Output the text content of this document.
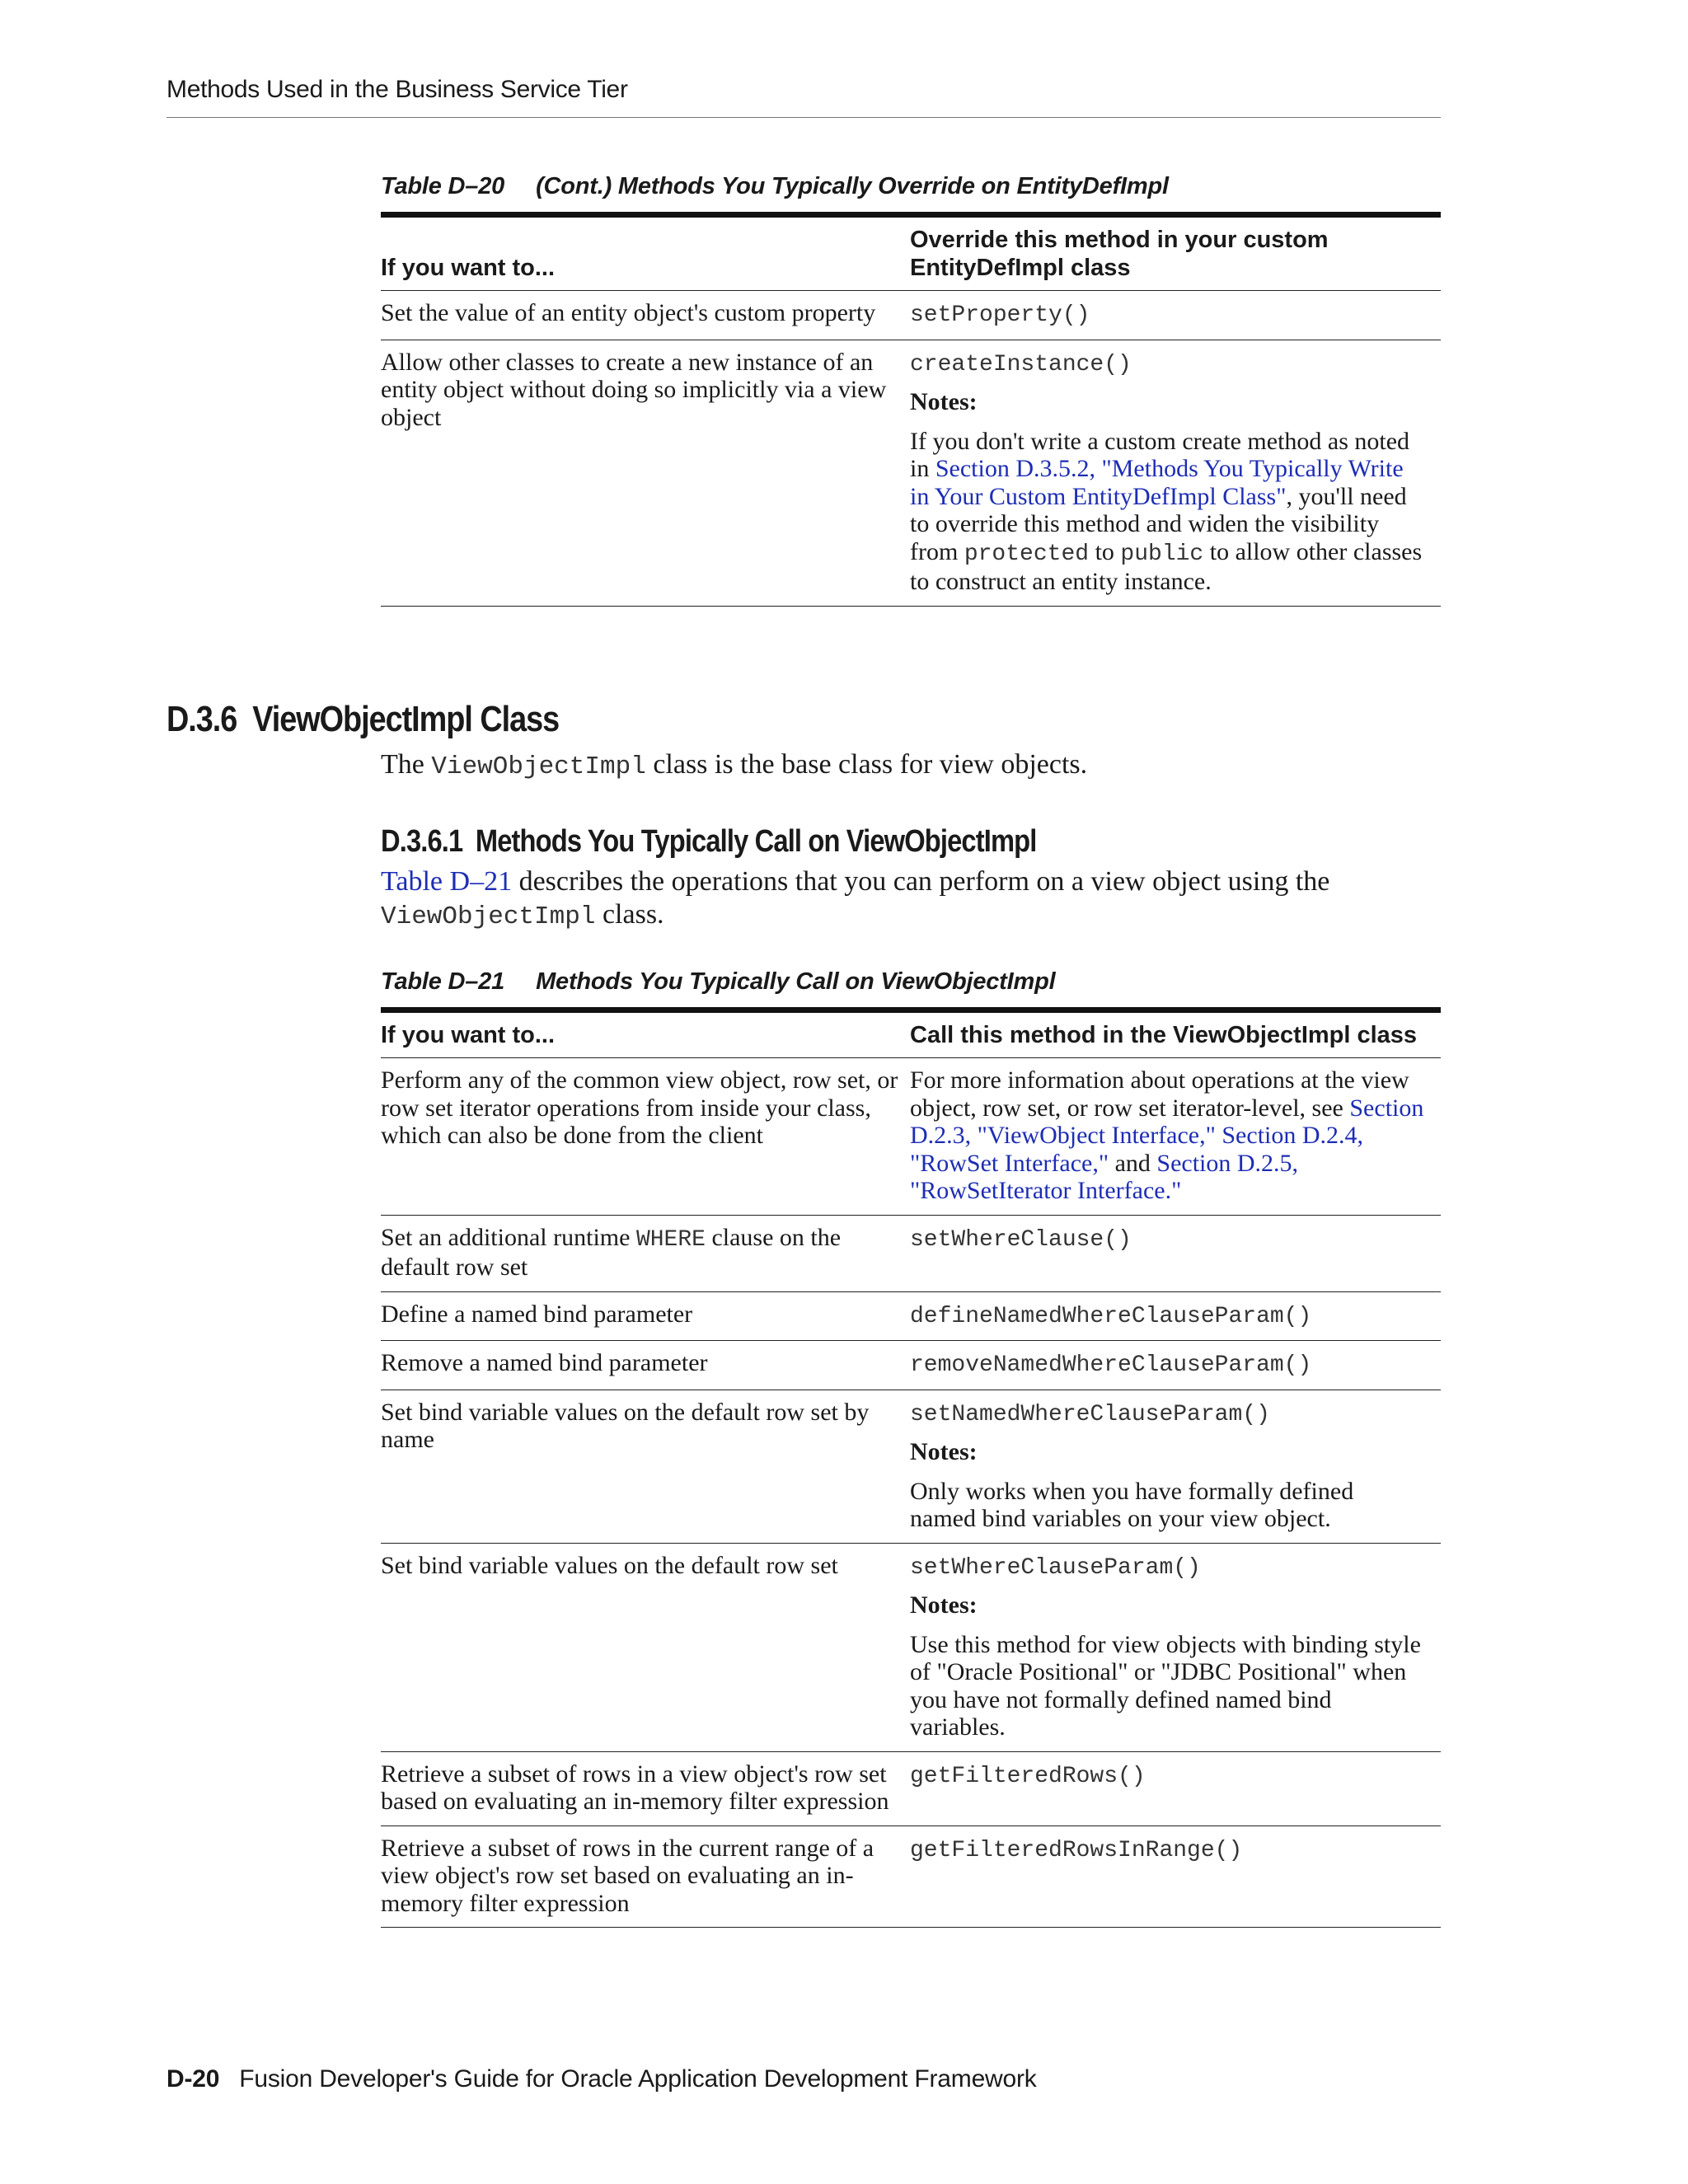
Methods Used in the Business Service Tier
Table D–20 (Cont.) Methods You Typically Override on EntityDefImpl
If you want to...	Override this method in your custom EntityDefImpl class
Set the value of an entity object's custom property	setProperty()
Allow other classes to create a new instance of an entity object without doing so implicitly via a view object	createInstance()
Notes:
If you don't write a custom create method as noted in Section D.3.5.2, "Methods You Typically Write in Your Custom EntityDefImpl Class", you'll need to override this method and widen the visibility from protected to public to allow other classes to construct an entity instance.
D.3.6 ViewObjectImpl Class

The ViewObjectImpl class is the base class for view objects.

D.3.6.1 Methods You Typically Call on ViewObjectImpl

Table D–21 describes the operations that you can perform on a view object using the ViewObjectImpl class.

Table D–21 Methods You Typically Call on ViewObjectImpl
If you want to...	Call this method in the ViewObjectImpl class
Perform any of the common view object, row set, or row set iterator operations from inside your class, which can also be done from the client	For more information about operations at the view object, row set, or row set iterator-level, see Section D.2.3, "ViewObject Interface," Section D.2.4, "RowSet Interface," and Section D.2.5, "RowSetIterator Interface."
Set an additional runtime WHERE clause on the default row set	setWhereClause()
Define a named bind parameter	defineNamedWhereClauseParam()
Remove a named bind parameter	removeNamedWhereClauseParam()
Set bind variable values on the default row set by name	setNamedWhereClauseParam()
Notes:
Only works when you have formally defined named bind variables on your view object.

Set bind variable values on the default row set	setWhereClauseParam()
Notes:
Use this method for view objects with binding style of "Oracle Positional" or "JDBC Positional" when you have not formally defined named bind variables.

Retrieve a subset of rows in a view object's row set based on evaluating an in-memory filter expression	getFilteredRows()
Retrieve a subset of rows in the current range of a view object's row set based on evaluating an in-memory filter expression	getFilteredRowsInRange()
D-20 Fusion Developer's Guide for Oracle Application Development Framework
